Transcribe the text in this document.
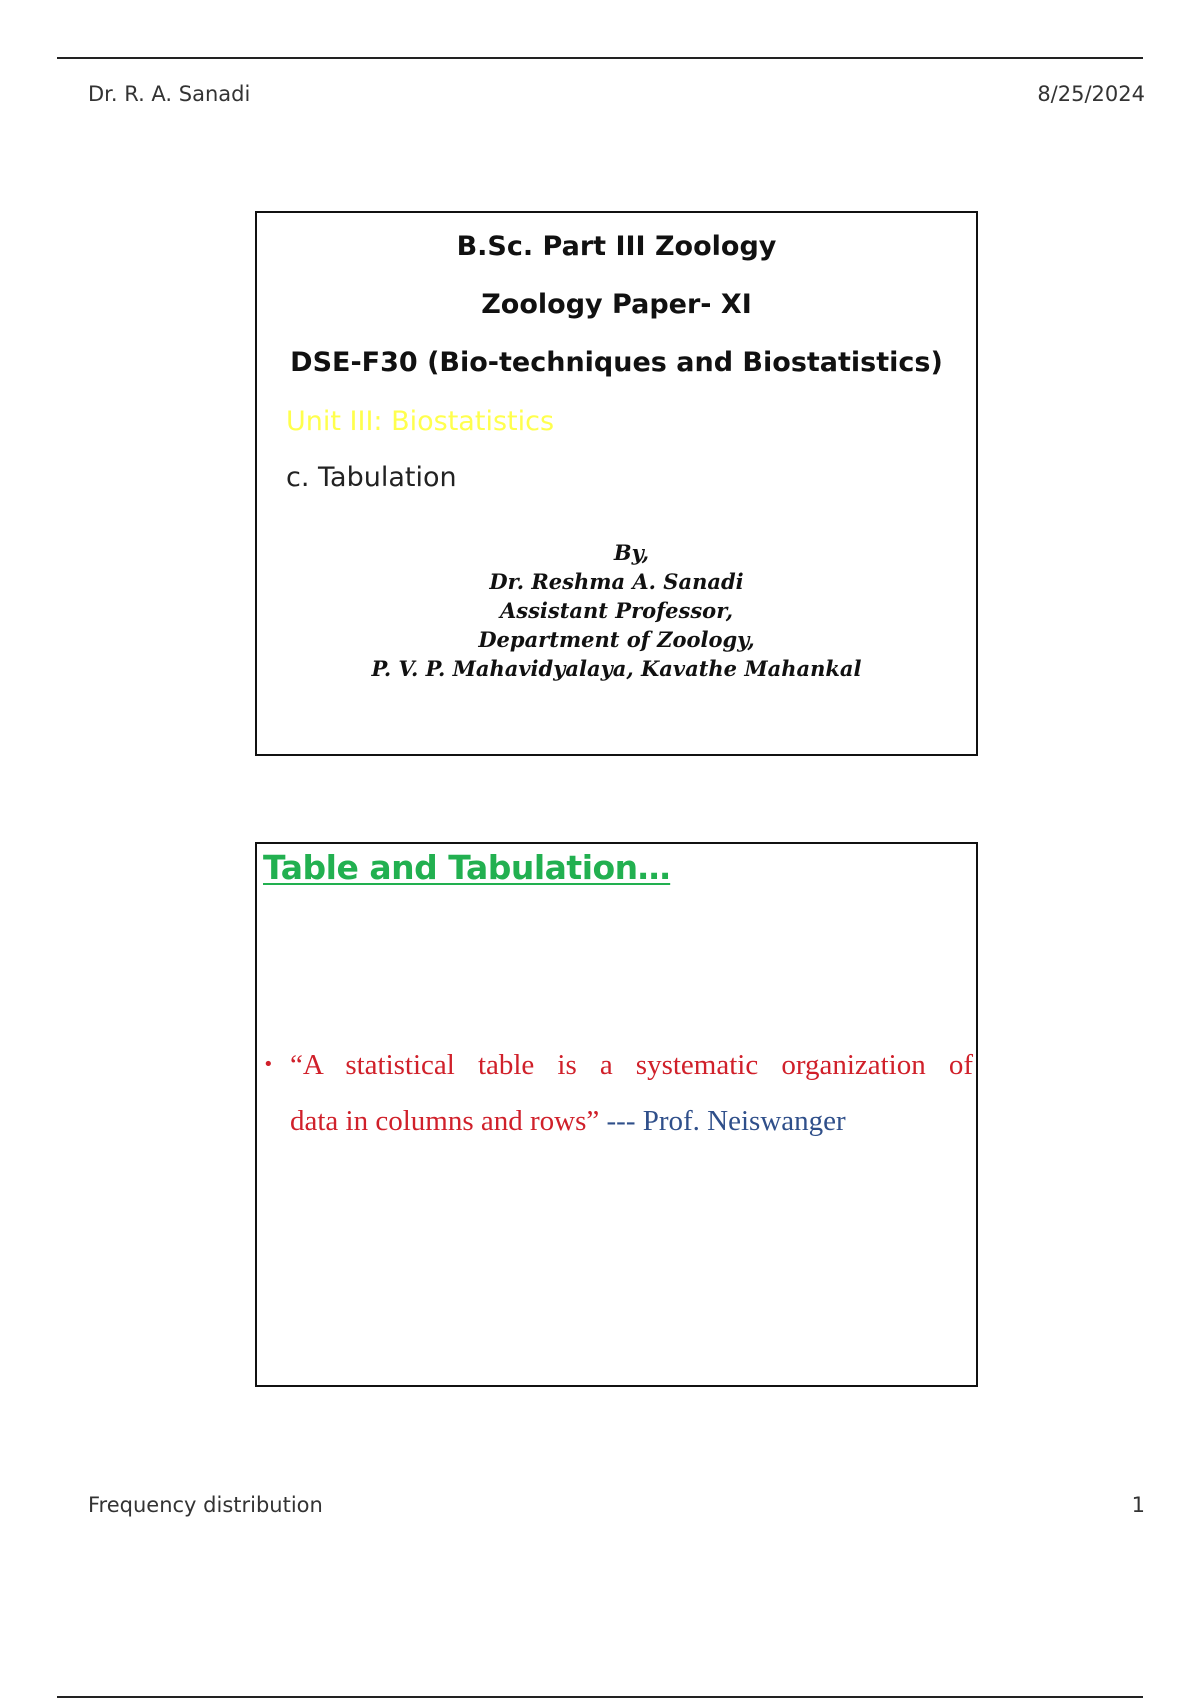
Dr. R. A. Sanadi	8/25/2024
B.Sc. Part III Zoology
Zoology Paper- XI
DSE-F30 (Bio-techniques and Biostatistics)
Unit III: Biostatistics
c. Tabulation
By,
Dr. Reshma A. Sanadi
Assistant Professor,
Department of Zoology,
P. V. P. Mahavidyalaya, Kavathe Mahankal
Table and Tabulation…
• “A statistical table is a systematic organization of
data in columns and rows” --- Prof. Neiswanger
Frequency distribution	1
